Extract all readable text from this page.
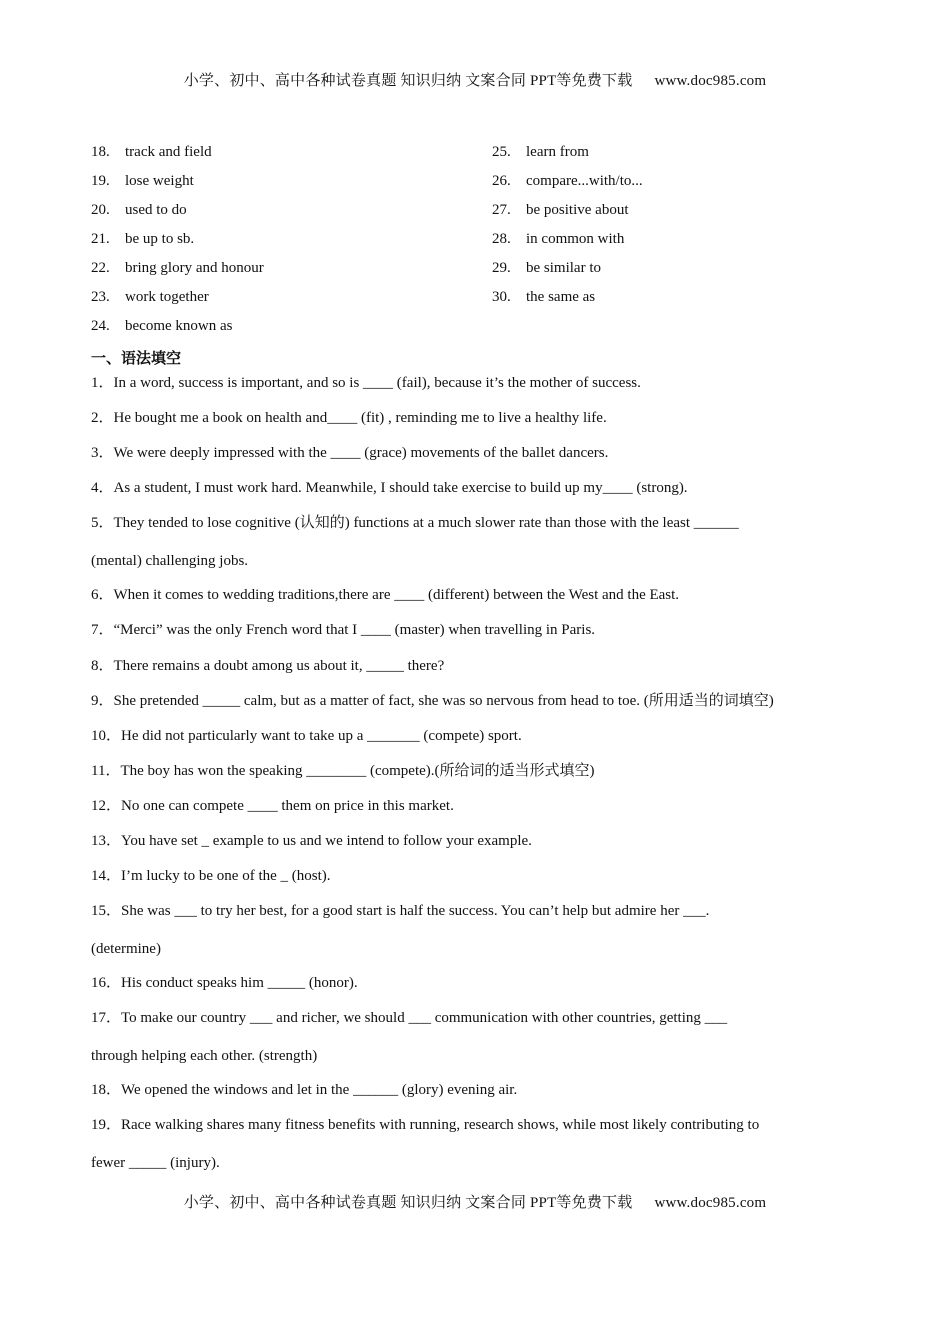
小学、初中、高中各种试卷真题 知识归纳 文案合同 PPT等免费下载 www.doc985.com
18. track and field
19. lose weight
20. used to do
21. be up to sb.
22. bring glory and honour
23. work together
24. become known as
25. learn from
26. compare...with/to...
27. be positive about
28. in common with
29. be similar to
30. the same as
一、语法填空
1．In a word, success is important, and so is ____ (fail), because it’s the mother of success.
2．He bought me a book on health and____ (fit) , reminding me to live a healthy life.
3．We were deeply impressed with the ____ (grace) movements of the ballet dancers.
4．As a student, I must work hard. Meanwhile, I should take exercise to build up my____ (strong).
5．They tended to lose cognitive (认知的) functions at a much slower rate than those with the least ______
(mental) challenging jobs.
6．When it comes to wedding traditions,there are ____ (different) between the West and the East.
7．“Merci” was the only French word that I ____ (master) when travelling in Paris.
8．There remains a doubt among us about it, _____ there?
9．She pretended _____ calm, but as a matter of fact, she was so nervous from head to toe. (所用适当的词填空)
10．He did not particularly want to take up a _______ (compete) sport.
11．The boy has won the speaking ________ (compete).(所给词的适当形式填空)
12．No one can compete ____ them on price in this market.
13．You have set _ example to us and we intend to follow your example.
14．I’m lucky to be one of the _ (host).
15．She was ___ to try her best, for a good start is half the success. You can’t help but admire her ___.
(determine)
16．His conduct speaks him _____ (honor).
17．To make our country ___ and richer, we should ___ communication with other countries, getting ___
through helping each other. (strength)
18．We opened the windows and let in the ______ (glory) evening air.
19．Race walking shares many fitness benefits with running, research shows, while most likely contributing to
fewer _____ (injury).
小学、初中、高中各种试卷真题 知识归纳 文案合同 PPT等免费下载 www.doc985.com
